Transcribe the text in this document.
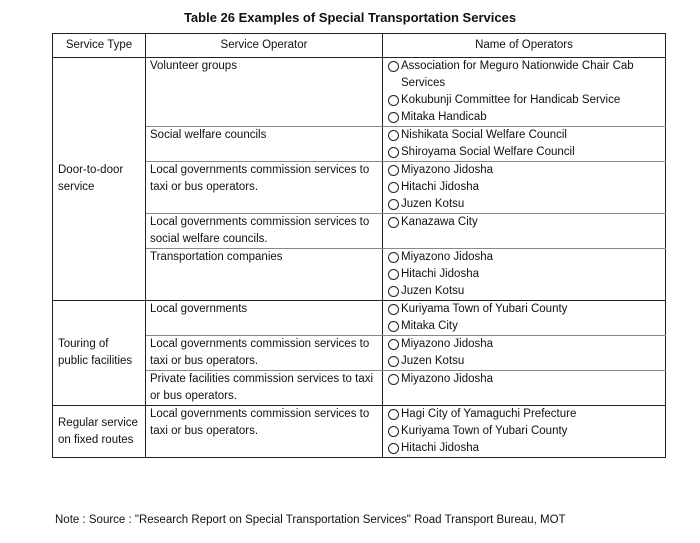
Table 26 Examples of Special Transportation Services
Service Type	Service Operator	Name of Operators
Door-to-door service	Volunteer groups	Association for Meguro Nationwide Chair Cab Services
Kokubunji Committee for Handicab Service
Mitaka Handicab

	Social welfare councils	Nishikata Social Welfare Council
Shiroyama Social Welfare Council

	Local governments commission services to taxi or bus operators.	Miyazono Jidosha
Hitachi Jidosha
Juzen Kotsu

	Local governments commission services to social welfare councils.	Kanazawa City

	Transportation companies	Miyazono Jidosha
Hitachi Jidosha
Juzen Kotsu

Touring of public facilities	Local governments	Kuriyama Town of Yubari County
Mitaka City

	Local governments commission services to taxi or bus operators.	Miyazono Jidosha
Juzen Kotsu

	Private facilities commission services to taxi or bus operators.	Miyazono Jidosha

Regular service on fixed routes	Local governments commission services to taxi or bus operators.	Hagi City of Yamaguchi Prefecture
Kuriyama Town of Yubari County
Hitachi Jidosha
Note : Source : "Research Report on Special Transportation Services" Road Transport Bureau, MOT
